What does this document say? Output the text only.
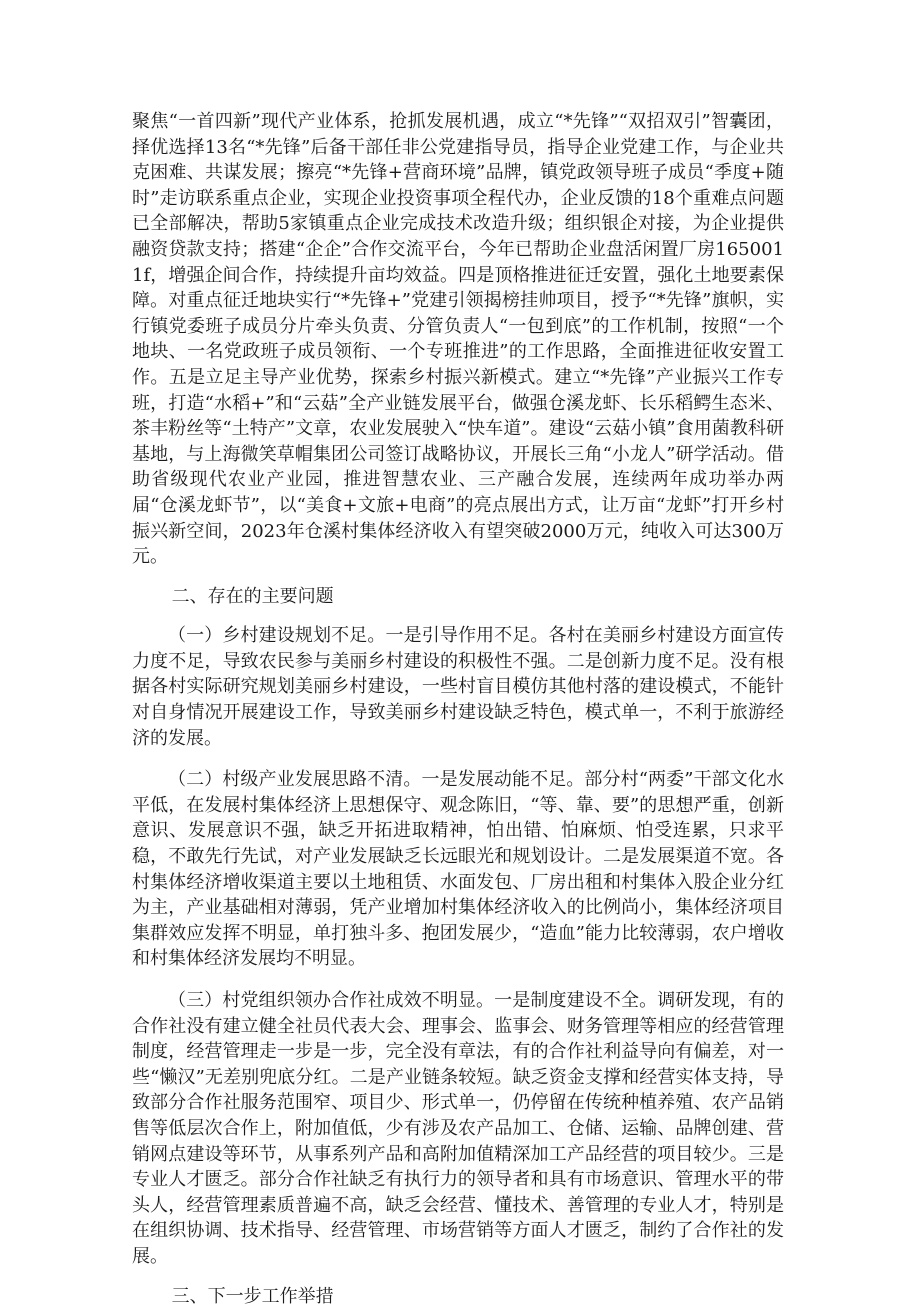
聚焦“一首四新”现代产业体系，抢抓发展机遇，成立“*先锋”“双招双引”智囊团，择优选择13名“*先锋”后备干部任非公党建指导员，指导企业党建工作，与企业共克困难、共谋发展；擦亮“*先锋+营商环境”品牌，镇党政领导班子成员“季度+随时”走访联系重点企业，实现企业投资事项全程代办，企业反馈的18个重难点问题已全部解决，帮助5家镇重点企业完成技术改造升级；组织银企对接，为企业提供融资贷款支持；搭建“企企”合作交流平台，今年已帮助企业盘活闲置厂房1650011f，增强企间合作，持续提升亩均效益。四是顶格推进征迁安置，强化土地要素保障。对重点征迁地块实行“*先锋+”党建引领揭榜挂帅项目，授予“*先锋”旗帜，实行镇党委班子成员分片牵头负责、分管负责人“一包到底”的工作机制，按照“一个地块、一名党政班子成员领衔、一个专班推进”的工作思路，全面推进征收安置工作。五是立足主导产业优势，探索乡村振兴新模式。建立“*先锋”产业振兴工作专班，打造“水稻+”和“云菇”全产业链发展平台，做强仓溪龙虾、长乐稻鳄生态米、茶丰粉丝等“土特产”文章，农业发展驶入“快车道”。建设“云菇小镇”食用菌教科研基地，与上海微笑草帽集团公司签订战略协议，开展长三角“小龙人”研学活动。借助省级现代农业产业园，推进智慧农业、三产融合发展，连续两年成功举办两届“仓溪龙虾节”，以“美食+文旅+电商”的亮点展出方式，让万亩“龙虾”打开乡村振兴新空间，2023年仓溪村集体经济收入有望突破2000万元，纯收入可达300万元。

二、存在的主要问题

（一）乡村建设规划不足。一是引导作用不足。各村在美丽乡村建设方面宣传力度不足，导致农民参与美丽乡村建设的积极性不强。二是创新力度不足。没有根据各村实际研究规划美丽乡村建设，一些村盲目模仿其他村落的建设模式，不能针对自身情况开展建设工作，导致美丽乡村建设缺乏特色，模式单一，不利于旅游经济的发展。

（二）村级产业发展思路不清。一是发展动能不足。部分村“两委”干部文化水平低，在发展村集体经济上思想保守、观念陈旧，“等、靠、要”的思想严重，创新意识、发展意识不强，缺乏开拓进取精神，怕出错、怕麻烦、怕受连累，只求平稳，不敢先行先试，对产业发展缺乏长远眼光和规划设计。二是发展渠道不宽。各村集体经济增收渠道主要以土地租赁、水面发包、厂房出租和村集体入股企业分红为主，产业基础相对薄弱，凭产业增加村集体经济收入的比例尚小，集体经济项目集群效应发挥不明显，单打独斗多、抱团发展少，“造血”能力比较薄弱，农户增收和村集体经济发展均不明显。

（三）村党组织领办合作社成效不明显。一是制度建设不全。调研发现，有的合作社没有建立健全社员代表大会、理事会、监事会、财务管理等相应的经营管理制度，经营管理走一步是一步，完全没有章法，有的合作社利益导向有偏差，对一些“懒汉”无差别兜底分红。二是产业链条较短。缺乏资金支撑和经营实体支持，导致部分合作社服务范围窄、项目少、形式单一，仍停留在传统种植养殖、农产品销售等低层次合作上，附加值低，少有涉及农产品加工、仓储、运输、品牌创建、营销网点建设等环节，从事系列产品和高附加值精深加工产品经营的项目较少。三是专业人才匮乏。部分合作社缺乏有执行力的领导者和具有市场意识、管理水平的带头人，经营管理素质普遍不高，缺乏会经营、懂技术、善管理的专业人才，特别是在组织协调、技术指导、经营管理、市场营销等方面人才匮乏，制约了合作社的发展。

三、下一步工作举措
